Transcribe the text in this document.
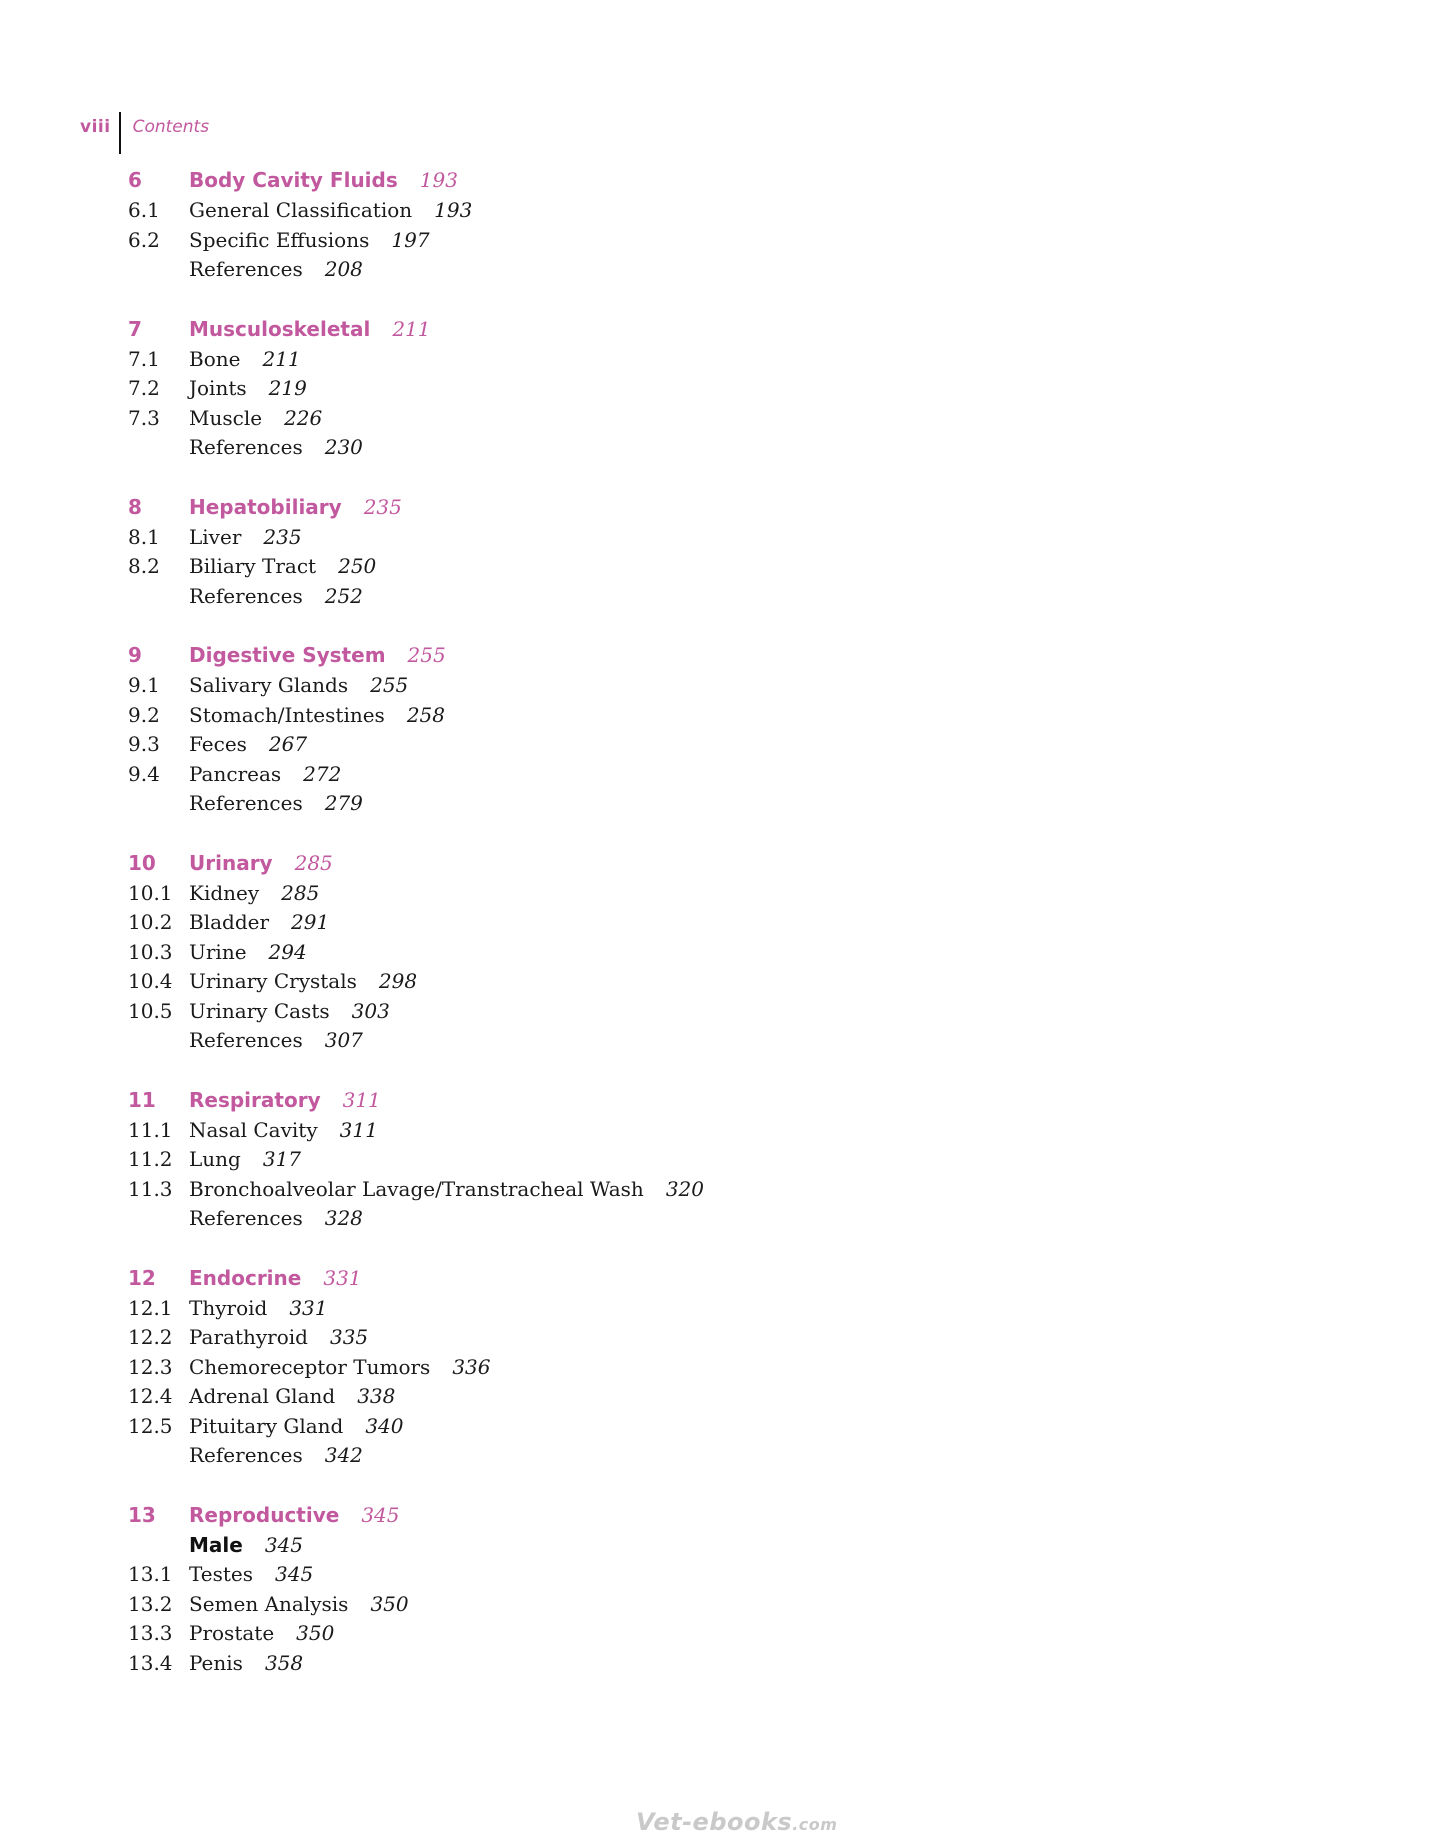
viii Contents
6	Body Cavity Fluids 193
6.1	General Classification 193
6.2	Specific Effusions 197
References 208
7	Musculoskeletal 211
7.1	Bone 211
7.2	Joints 219
7.3	Muscle 226
References 230
8	Hepatobiliary 235
8.1	Liver 235
8.2	Biliary Tract 250
References 252
9	Digestive System 255
9.1	Salivary Glands 255
9.2	Stomach/Intestines 258
9.3	Feces 267
9.4	Pancreas 272
References 279
10	Urinary 285
10.1 Kidney 285
10.2 Bladder 291
10.3 Urine 294
10.4 Urinary Crystals 298
10.5 Urinary Casts 303
References 307
11	Respiratory 311
11.1 Nasal Cavity 311
11.2 Lung 317
11.3 Bronchoalveolar Lavage/Transtracheal Wash 320
References 328
12	Endocrine 331
12.1 Thyroid 331
12.2 Parathyroid 335
12.3 Chemoreceptor Tumors 336
12.4 Adrenal Gland 338
12.5 Pituitary Gland 340
References 342
13	Reproductive 345
Male 345
13.1 Testes 345
13.2 Semen Analysis 350
13.3 Prostate 350
13.4 Penis 358
Vet-ebooks.com
